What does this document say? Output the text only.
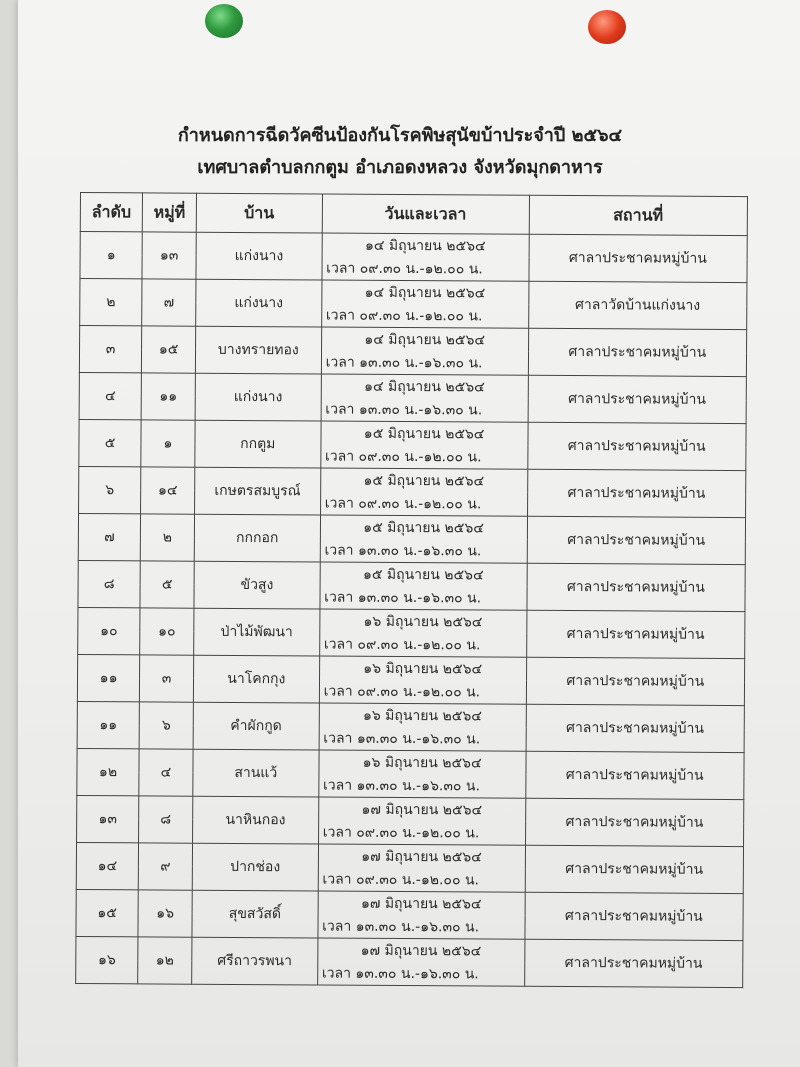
กำหนดการฉีดวัคซีนป้องกันโรคพิษสุนัขบ้าประจำปี ๒๕๖๔
เทศบาลตำบลกกตูม อำเภอดงหลวง จังหวัดมุกดาหาร
ลำดับ	หมู่ที่	บ้าน	วันและเวลา	สถานที่
๑	๑๓	แก่งนาง	๑๔ มิถุนายน ๒๕๖๔	ศาลาประชาคมหมู่บ้าน
			เวลา ๐๙.๓๐ น.-๑๒.๐๐ น.	
๒	๗	แก่งนาง	๑๔ มิถุนายน ๒๕๖๔	ศาลาวัดบ้านแก่งนาง
			เวลา ๐๙.๓๐ น.-๑๒.๐๐ น.	
๓	๑๕	บางทรายทอง	๑๔ มิถุนายน ๒๕๖๔	ศาลาประชาคมหมู่บ้าน
			เวลา ๑๓.๓๐ น.-๑๖.๓๐ น.	
๔	๑๑	แก่งนาง	๑๔ มิถุนายน ๒๕๖๔	ศาลาประชาคมหมู่บ้าน
			เวลา ๑๓.๓๐ น.-๑๖.๓๐ น.	
๕	๑	กกตูม	๑๕ มิถุนายน ๒๕๖๔	ศาลาประชาคมหมู่บ้าน
			เวลา ๐๙.๓๐ น.-๑๒.๐๐ น.	
๖	๑๔	เกษตรสมบูรณ์	๑๕ มิถุนายน ๒๕๖๔	ศาลาประชาคมหมู่บ้าน
			เวลา ๐๙.๓๐ น.-๑๒.๐๐ น.	
๗	๒	กกกอก	๑๕ มิถุนายน ๒๕๖๔	ศาลาประชาคมหมู่บ้าน
			เวลา ๑๓.๓๐ น.-๑๖.๓๐ น.	
๘	๕	ขัวสูง	๑๕ มิถุนายน ๒๕๖๔	ศาลาประชาคมหมู่บ้าน
			เวลา ๑๓.๓๐ น.-๑๖.๓๐ น.	
๑๐	๑๐	ป่าไม้พัฒนา	๑๖ มิถุนายน ๒๕๖๔	ศาลาประชาคมหมู่บ้าน
			เวลา ๐๙.๓๐ น.-๑๒.๐๐ น.	
๑๑	๓	นาโคกกุง	๑๖ มิถุนายน ๒๕๖๔	ศาลาประชาคมหมู่บ้าน
			เวลา ๐๙.๓๐ น.-๑๒.๐๐ น.	
๑๑	๖	คำผักกูด	๑๖ มิถุนายน ๒๕๖๔	ศาลาประชาคมหมู่บ้าน
			เวลา ๑๓.๓๐ น.-๑๖.๓๐ น.	
๑๒	๔	สานแว้	๑๖ มิถุนายน ๒๕๖๔	ศาลาประชาคมหมู่บ้าน
			เวลา ๑๓.๓๐ น.-๑๖.๓๐ น.	
๑๓	๘	นาหินกอง	๑๗ มิถุนายน ๒๕๖๔	ศาลาประชาคมหมู่บ้าน
			เวลา ๐๙.๓๐ น.-๑๒.๐๐ น.	
๑๔	๙	ปากช่อง	๑๗ มิถุนายน ๒๕๖๔	ศาลาประชาคมหมู่บ้าน
			เวลา ๐๙.๓๐ น.-๑๒.๐๐ น.	
๑๕	๑๖	สุขสวัสดิ์	๑๗ มิถุนายน ๒๕๖๔	ศาลาประชาคมหมู่บ้าน
			เวลา ๑๓.๓๐ น.-๑๖.๓๐ น.	
๑๖	๑๒	ศรีถาวรพนา	๑๗ มิถุนายน ๒๕๖๔	ศาลาประชาคมหมู่บ้าน
			เวลา ๑๓.๓๐ น.-๑๖.๓๐ น.	
